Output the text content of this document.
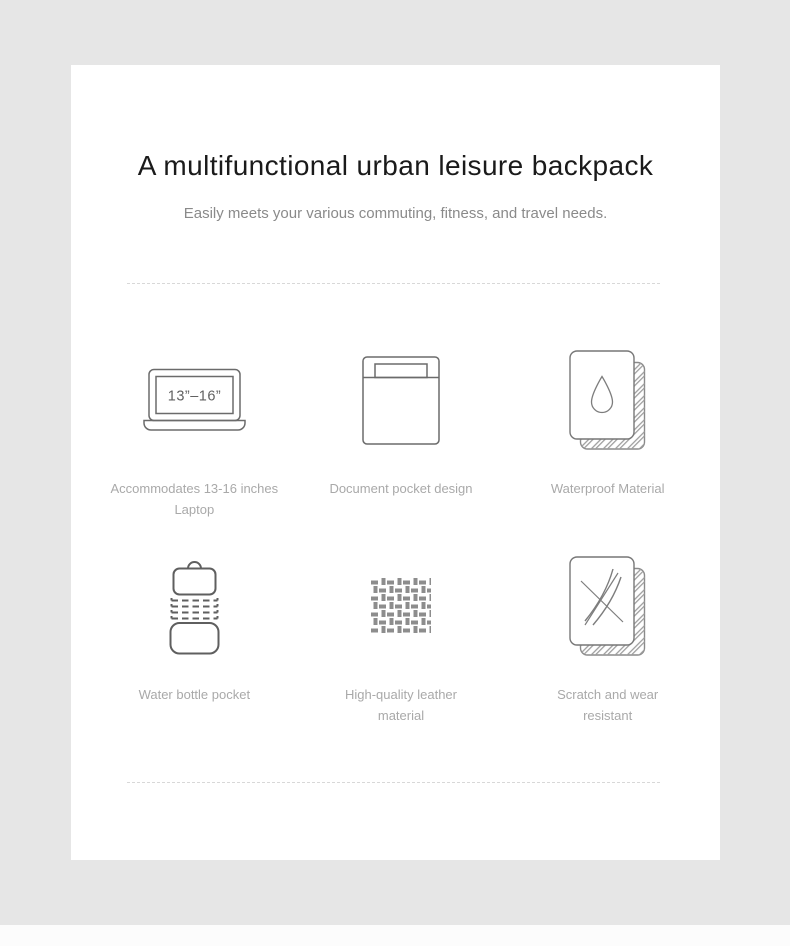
A multifunctional urban leisure backpack
Easily meets your various commuting, fitness, and travel needs.
13”–16”
Accommodates 13-16 inches
Laptop
Document pocket design	Waterproof Material
Water bottle pocket	High-quality leather
material
Scratch and wear
resistant
